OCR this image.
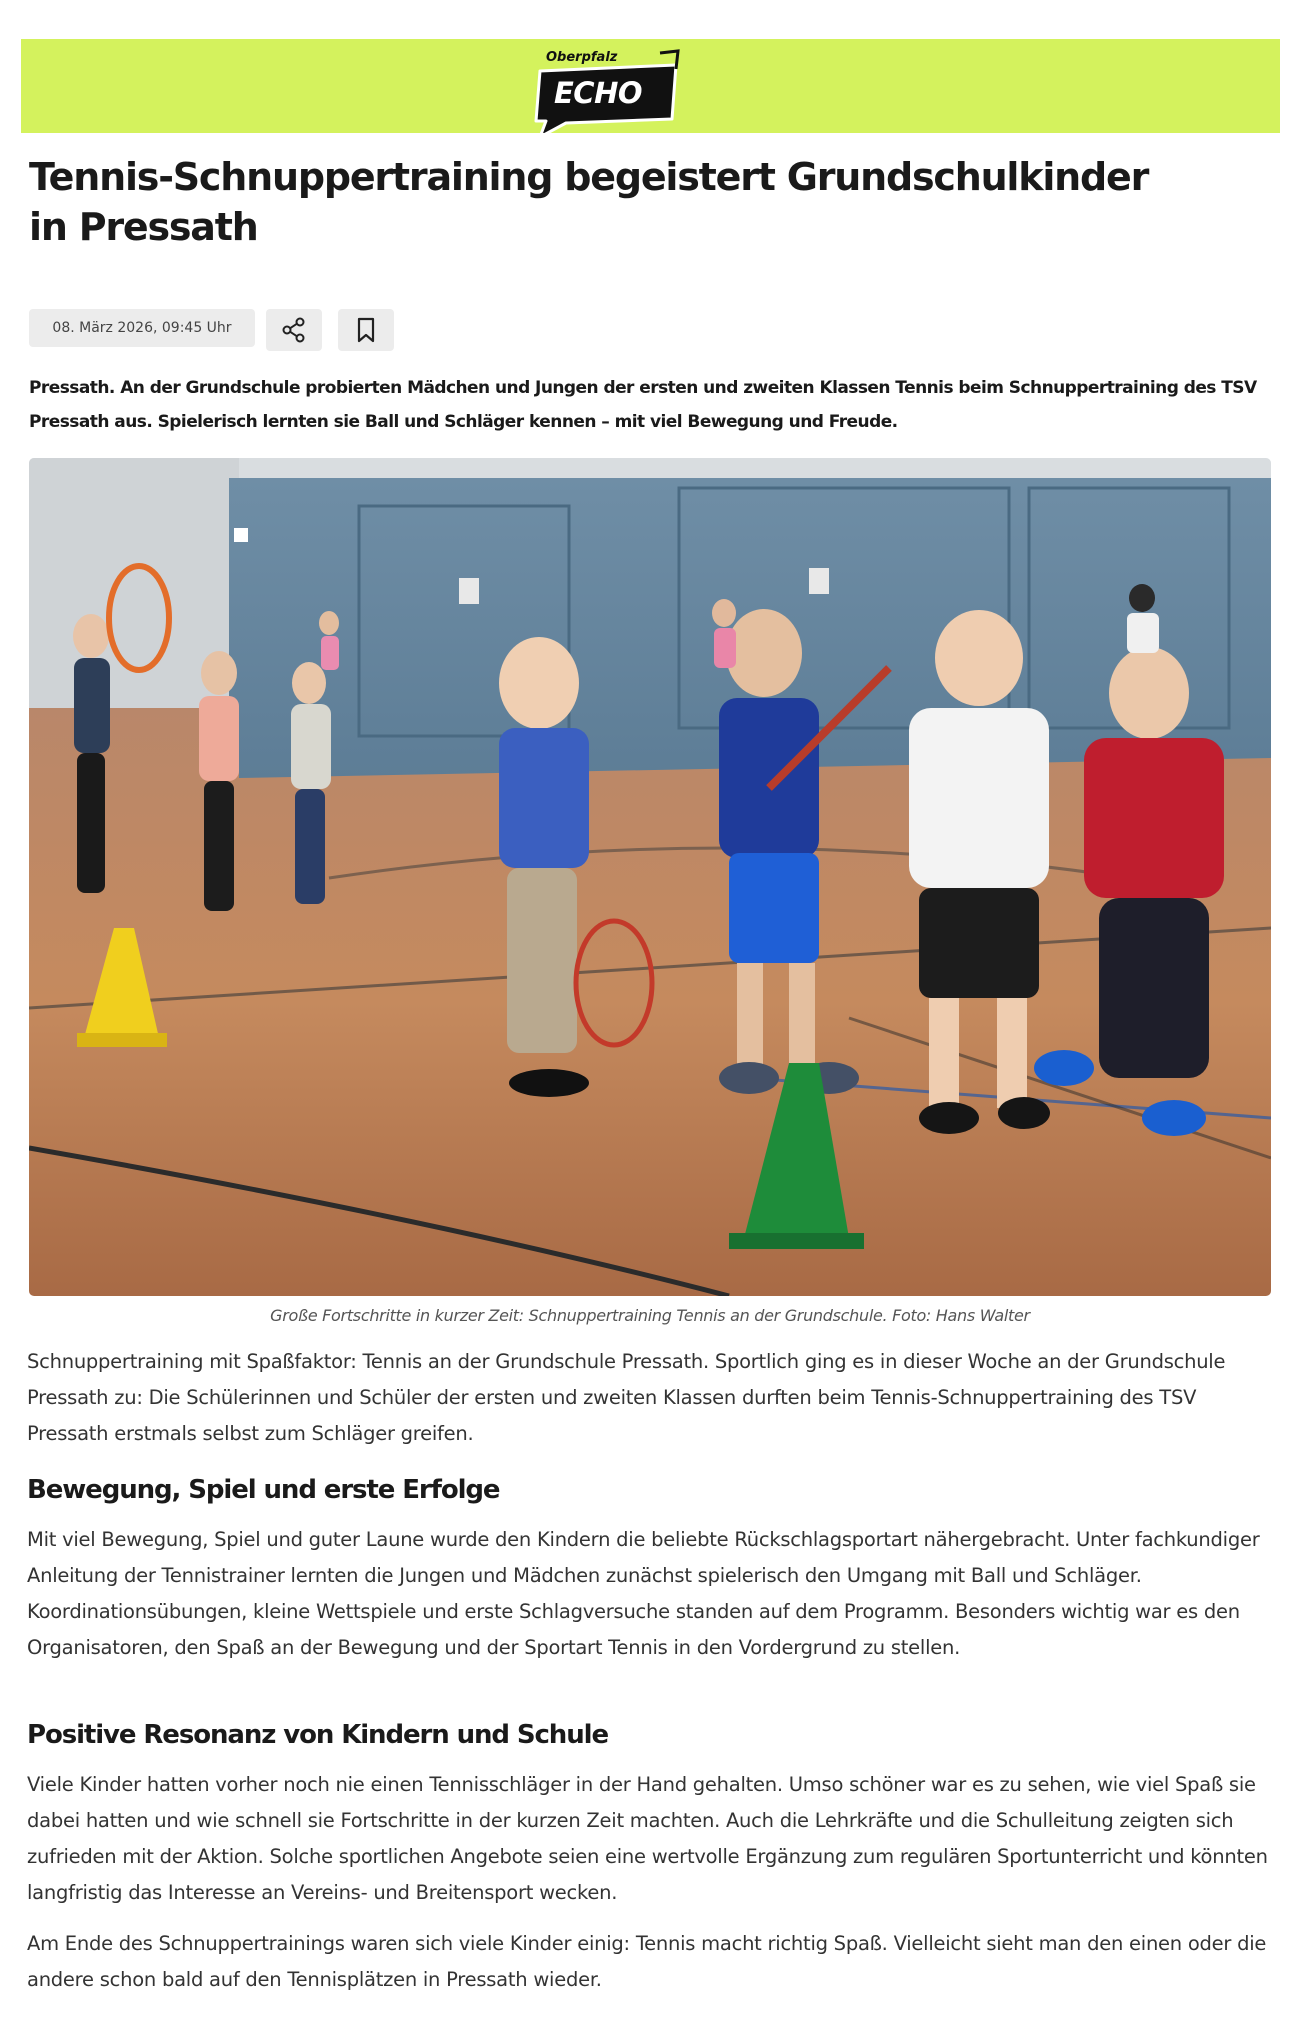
Oberpfalz
ECHO
Tennis-Schnuppertraining begeistert Grundschulkinder in Pressath
08. März 2026, 09:45 Uhr

Pressath. An der Grundschule probierten Mädchen und Jungen der ersten und zweiten Klassen Tennis beim Schnuppertraining des TSV Pressath aus. Spielerisch lernten sie Ball und Schläger kennen – mit viel Bewegung und Freude.

Große Fortschritte in kurzer Zeit: Schnuppertraining Tennis an der Grundschule. Foto: Hans Walter

Schnuppertraining mit Spaßfaktor: Tennis an der Grundschule Pressath. Sportlich ging es in dieser Woche an der Grundschule Pressath zu: Die Schülerinnen und Schüler der ersten und zweiten Klassen durften beim Tennis-Schnuppertraining des TSV Pressath erstmals selbst zum Schläger greifen.

Bewegung, Spiel und erste Erfolge

Mit viel Bewegung, Spiel und guter Laune wurde den Kindern die beliebte Rückschlagsportart nähergebracht. Unter fachkundiger Anleitung der Tennistrainer lernten die Jungen und Mädchen zunächst spielerisch den Umgang mit Ball und Schläger. Koordinationsübungen, kleine Wettspiele und erste Schlagversuche standen auf dem Programm. Besonders wichtig war es den Organisatoren, den Spaß an der Bewegung und der Sportart Tennis in den Vordergrund zu stellen.

Positive Resonanz von Kindern und Schule

Viele Kinder hatten vorher noch nie einen Tennisschläger in der Hand gehalten. Umso schöner war es zu sehen, wie viel Spaß sie dabei hatten und wie schnell sie Fortschritte in der kurzen Zeit machten. Auch die Lehrkräfte und die Schulleitung zeigten sich zufrieden mit der Aktion. Solche sportlichen Angebote seien eine wertvolle Ergänzung zum regulären Sportunterricht und könnten langfristig das Interesse an Vereins- und Breitensport wecken.

Am Ende des Schnuppertrainings waren sich viele Kinder einig: Tennis macht richtig Spaß. Vielleicht sieht man den einen oder die andere schon bald auf den Tennisplätzen in Pressath wieder.
